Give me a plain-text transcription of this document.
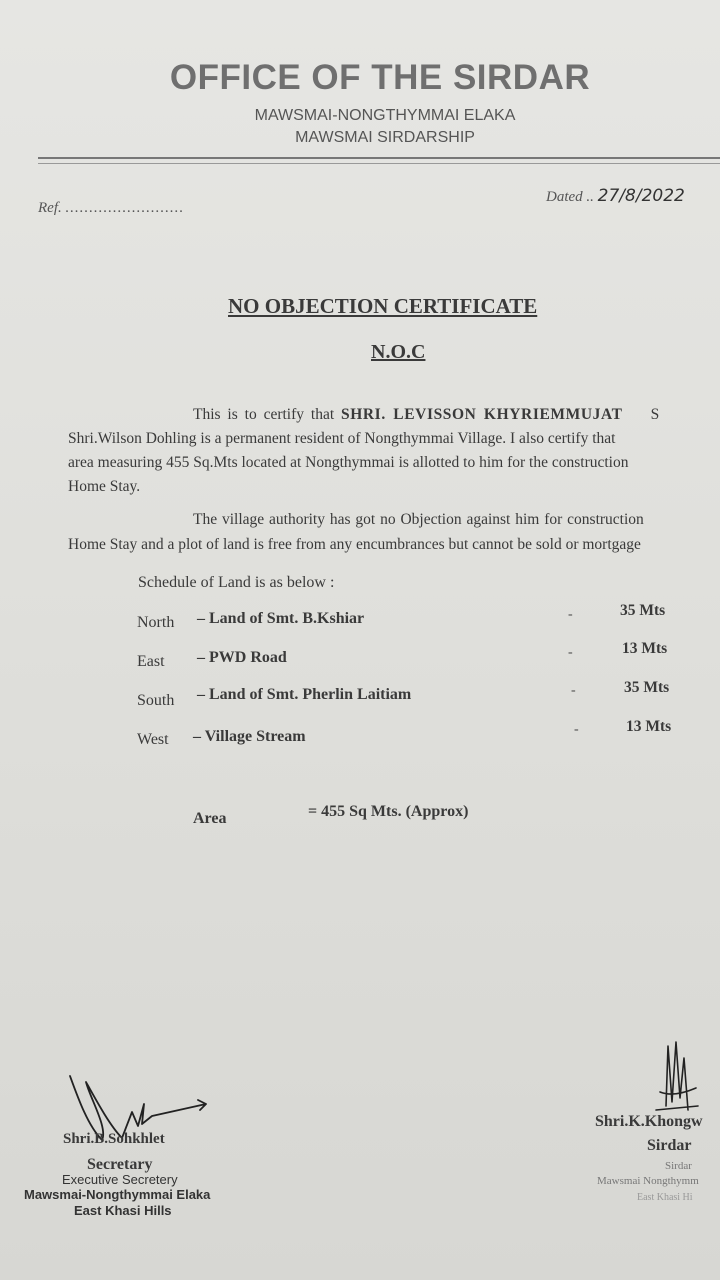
OFFICE OF THE SIRDAR
MAWSMAI-NONGTHYMMAI ELAKA
MAWSMAI SIRDARSHIP
Ref. .........................
Dated .. 27/8/2022
NO OBJECTION CERTIFICATE
N.O.C
This is to certify that SHRI. LEVISSON KHYRIEMMUJAT S
Shri.Wilson Dohling is a permanent resident of Nongthymmai Village. I also certify that
area measuring 455 Sq.Mts located at Nongthymmai is allotted to him for the construction
Home Stay.
The village authority has got no Objection against him for construction
Home Stay and a plot of land is free from any encumbrances but cannot be sold or mortgage
Schedule of Land is as below :
North – Land of Smt. B.Kshiar	-	35 Mts
East – PWD Road	-	13 Mts
South – Land of Smt. Pherlin Laitiam	-	35 Mts
West – Village Stream	-	13 Mts
Area	= 455 Sq Mts. (Approx)
Shri.B.Sohkhlet
Secretary
Executive Secretery
Mawsmai-Nongthymmai Elaka
East Khasi Hills
Shri.K.Khongw
Sirdar
Sirdar
Mawsmai Nongthymm
East Khasi Hi
